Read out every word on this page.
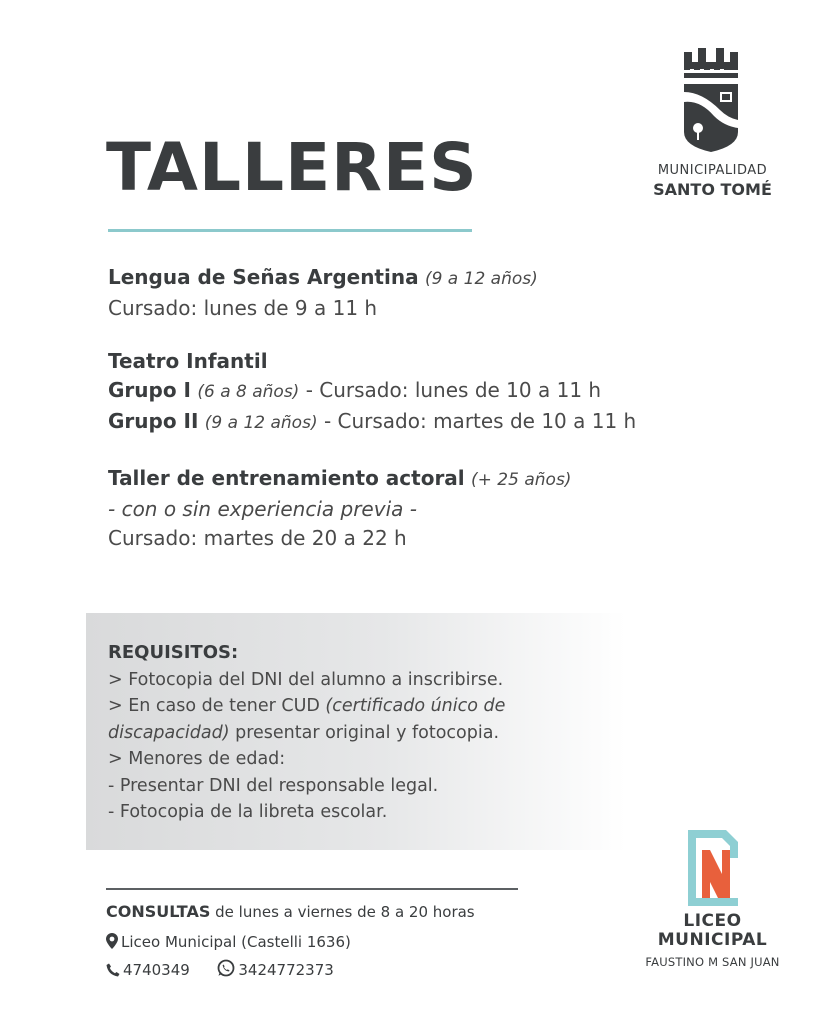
TALLERES	MUNICIPALIDAD
SANTO TOMÉ
Lengua de Señas Argentina (9 a 12 años)
Cursado: lunes de 9 a 11 h
Teatro Infantil
Grupo I (6 a 8 años) - Cursado: lunes de 10 a 11 h
Grupo II (9 a 12 años) - Cursado: martes de 10 a 11 h
Taller de entrenamiento actoral (+ 25 años)
- con o sin experiencia previa -
Cursado: martes de 20 a 22 h
REQUISITOS:
> Fotocopia del DNI del alumno a inscribirse.
> En caso de tener CUD (certificado único de
discapacidad) presentar original y fotocopia.
> Menores de edad:
- Presentar DNI del responsable legal.
- Fotocopia de la libreta escolar.
CONSULTAS de lunes a viernes de 8 a 20 horas
Liceo Municipal (Castelli 1636)
4740349	3424772373
LICEO
MUNICIPAL
FAUSTINO M SAN JUAN
